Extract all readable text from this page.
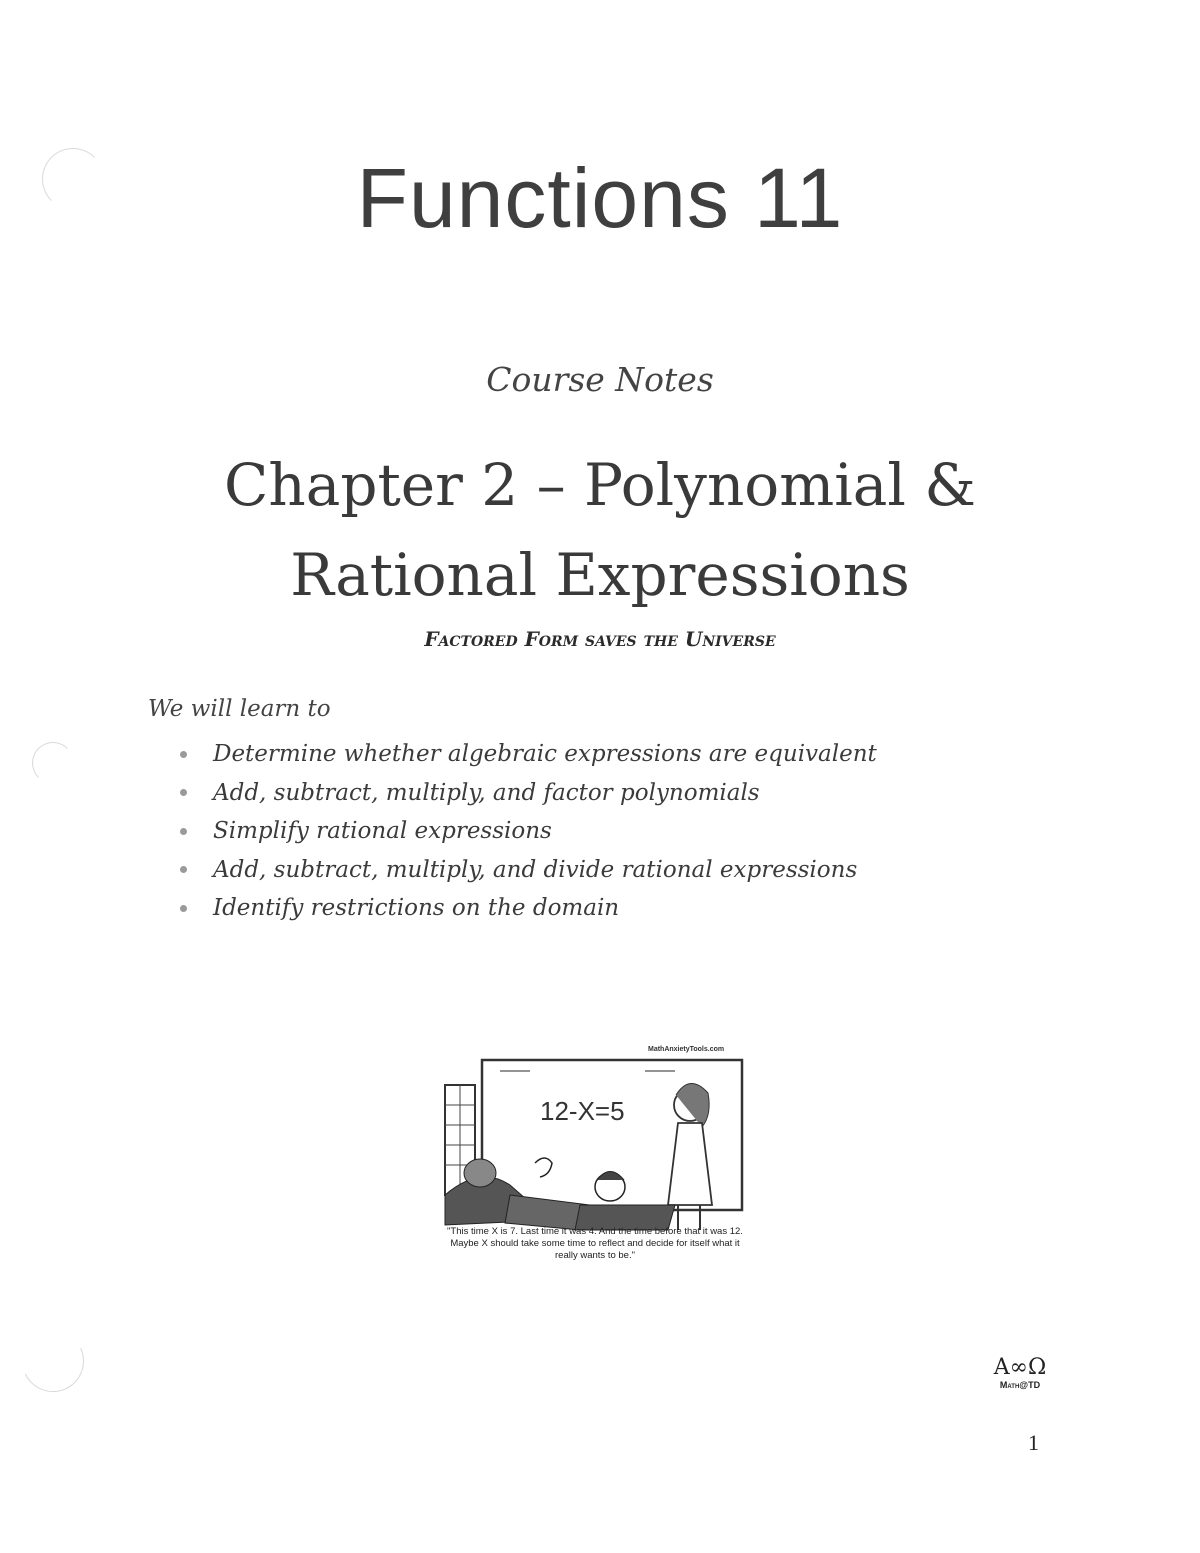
Functions 11
Course Notes
Chapter 2 – Polynomial &
Rational Expressions
Factored Form saves the Universe
We will learn to
Determine whether algebraic expressions are equivalent
Add, subtract, multiply, and factor polynomials
Simplify rational expressions
Add, subtract, multiply, and divide rational expressions
Identify restrictions on the domain
MathAnxietyTools.com
12-X=5
"This time X is 7. Last time it was 4. And the time before that it was 12. Maybe X should take some time to reflect and decide for itself what it really wants to be."
A∞Ω
Math@TD
1
